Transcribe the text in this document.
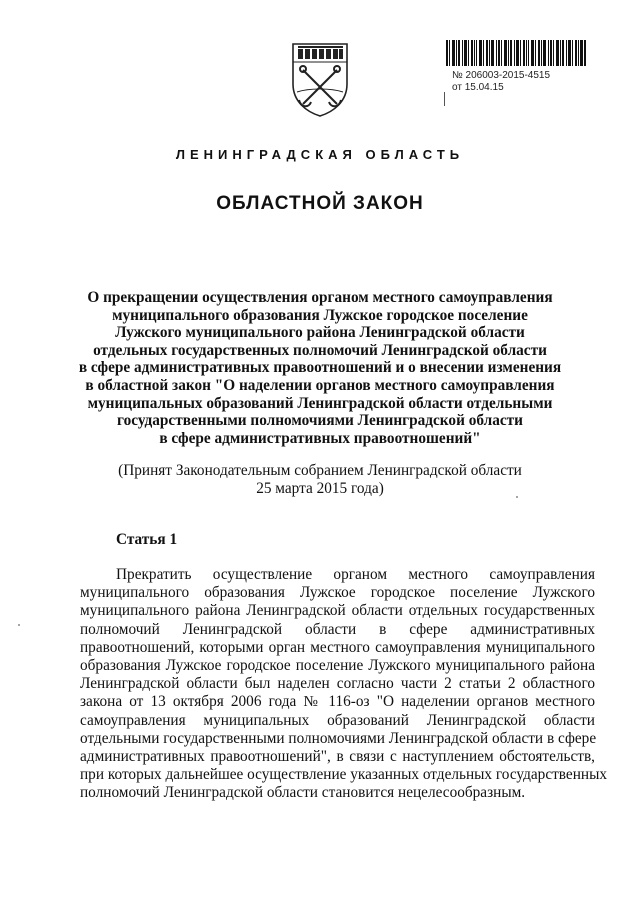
№ 206003-2015-4515
от 15.04.15
ЛЕНИНГРАДСКАЯ ОБЛАСТЬ
ОБЛАСТНОЙ ЗАКОН
О прекращении осуществления органом местного самоуправления
муниципального образования Лужское городское поселение
Лужского муниципального района Ленинградской области
отдельных государственных полномочий Ленинградской области
в сфере административных правоотношений и о внесении изменения
в областной закон "О наделении органов местного самоуправления
муниципальных образований Ленинградской области отдельными
государственными полномочиями Ленинградской области
в сфере административных правоотношений"
(Принят Законодательным собранием Ленинградской области
25 марта 2015 года)
Статья 1
Прекратить осуществление органом местного самоуправления
муниципального образования Лужское городское поселение Лужского
муниципального района Ленинградской области отдельных государственных
полномочий Ленинградской области в сфере административных
правоотношений, которыми орган местного самоуправления муниципального
образования Лужское городское поселение Лужского муниципального района
Ленинградской области был наделен согласно части 2 статьи 2 областного
закона от 13 октября 2006 года № 116-оз "О наделении органов местного
самоуправления муниципальных образований Ленинградской области
отдельными государственными полномочиями Ленинградской области в сфере
административных правоотношений", в связи с наступлением обстоятельств,
при которых дальнейшее осуществление указанных отдельных государственных
полномочий Ленинградской области становится нецелесообразным.
